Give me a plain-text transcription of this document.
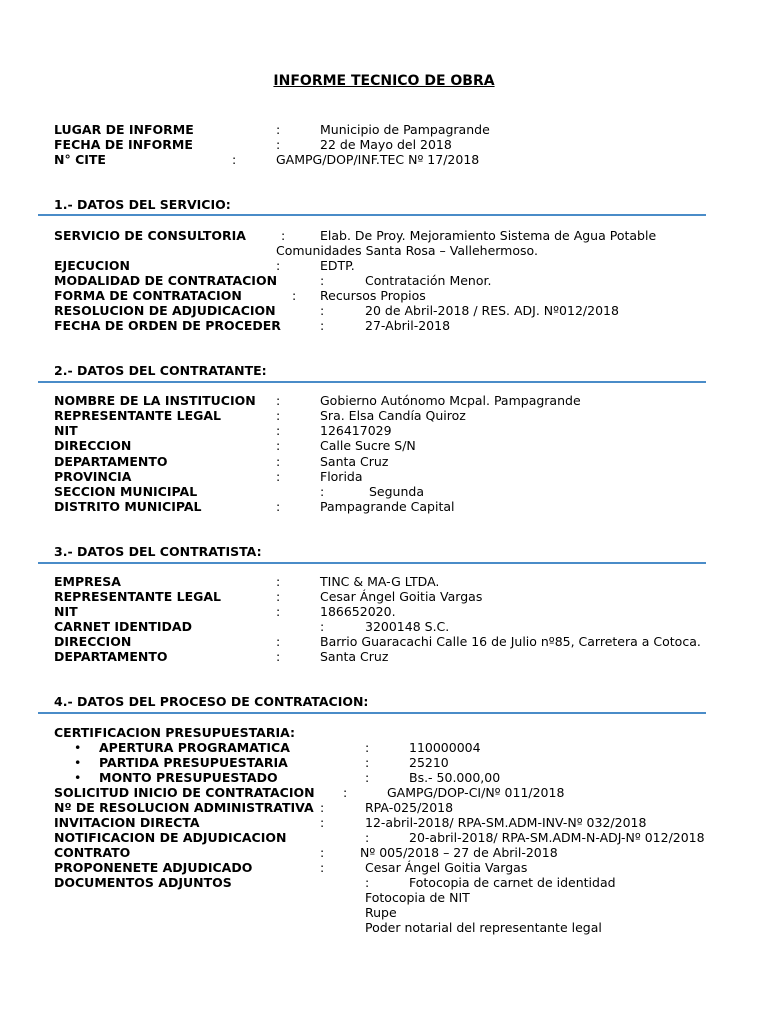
INFORME TECNICO DE OBRA
LUGAR DE INFORME	:	Municipio de Pampagrande
FECHA DE INFORME	:	22 de Mayo del 2018
N° CITE	:	GAMPG/DOP/INF.TEC Nº 17/2018
1.- DATOS DEL SERVICIO:
SERVICIO DE CONSULTORIA	:	Elab. De Proy. Mejoramiento Sistema de Agua Potable
Comunidades Santa Rosa – Vallehermoso.
EJECUCION	:	EDTP.
MODALIDAD DE CONTRATACION	:	Contratación Menor.
FORMA DE CONTRATACION	: Recursos Propios
RESOLUCION DE ADJUDICACION	:	20 de Abril-2018 / RES. ADJ. Nº012/2018
FECHA DE ORDEN DE PROCEDER	:	27-Abril-2018
2.- DATOS DEL CONTRATANTE:
NOMBRE DE LA INSTITUCION :	Gobierno Autónomo Mcpal. Pampagrande
REPRESENTANTE LEGAL	:	Sra. Elsa Candía Quiroz
NIT	:	126417029
DIRECCION	:	Calle Sucre S/N
DEPARTAMENTO	:	Santa Cruz
PROVINCIA	:	Florida
SECCION MUNICIPAL	:	Segunda
DISTRITO MUNICIPAL	:	Pampagrande Capital
3.- DATOS DEL CONTRATISTA:
EMPRESA	:	TINC & MA-G LTDA.
REPRESENTANTE LEGAL	:	Cesar Ángel Goitia Vargas
NIT	:	186652020.
CARNET IDENTIDAD	:	3200148 S.C.
DIRECCION	:	Barrio Guaracachi Calle 16 de Julio nº85, Carretera a Cotoca.
DEPARTAMENTO	:	Santa Cruz
4.- DATOS DEL PROCESO DE CONTRATACION:
CERTIFICACION PRESUPUESTARIA:
• APERTURA PROGRAMATICA	:	110000004
• PARTIDA PRESUPUESTARIA	:	25210
• MONTO PRESUPUESTADO	:	Bs.- 50.000,00
SOLICITUD INICIO DE CONTRATACION :	GAMPG/DOP-CI/Nº 011/2018
Nº DE RESOLUCION ADMINISTRATIVA :	RPA-025/2018
INVITACION DIRECTA	:	12-abril-2018/ RPA-SM.ADM-INV-Nº 032/2018
NOTIFICACION DE ADJUDICACION	:	20-abril-2018/ RPA-SM.ADM-N-ADJ-Nº 012/2018
CONTRATO	:	Nº 005/2018 – 27 de Abril-2018
PROPONENETE ADJUDICADO	:	Cesar Ángel Goitia Vargas
DOCUMENTOS ADJUNTOS	:	Fotocopia de carnet de identidad
Fotocopia de NIT
Rupe
Poder notarial del representante legal
